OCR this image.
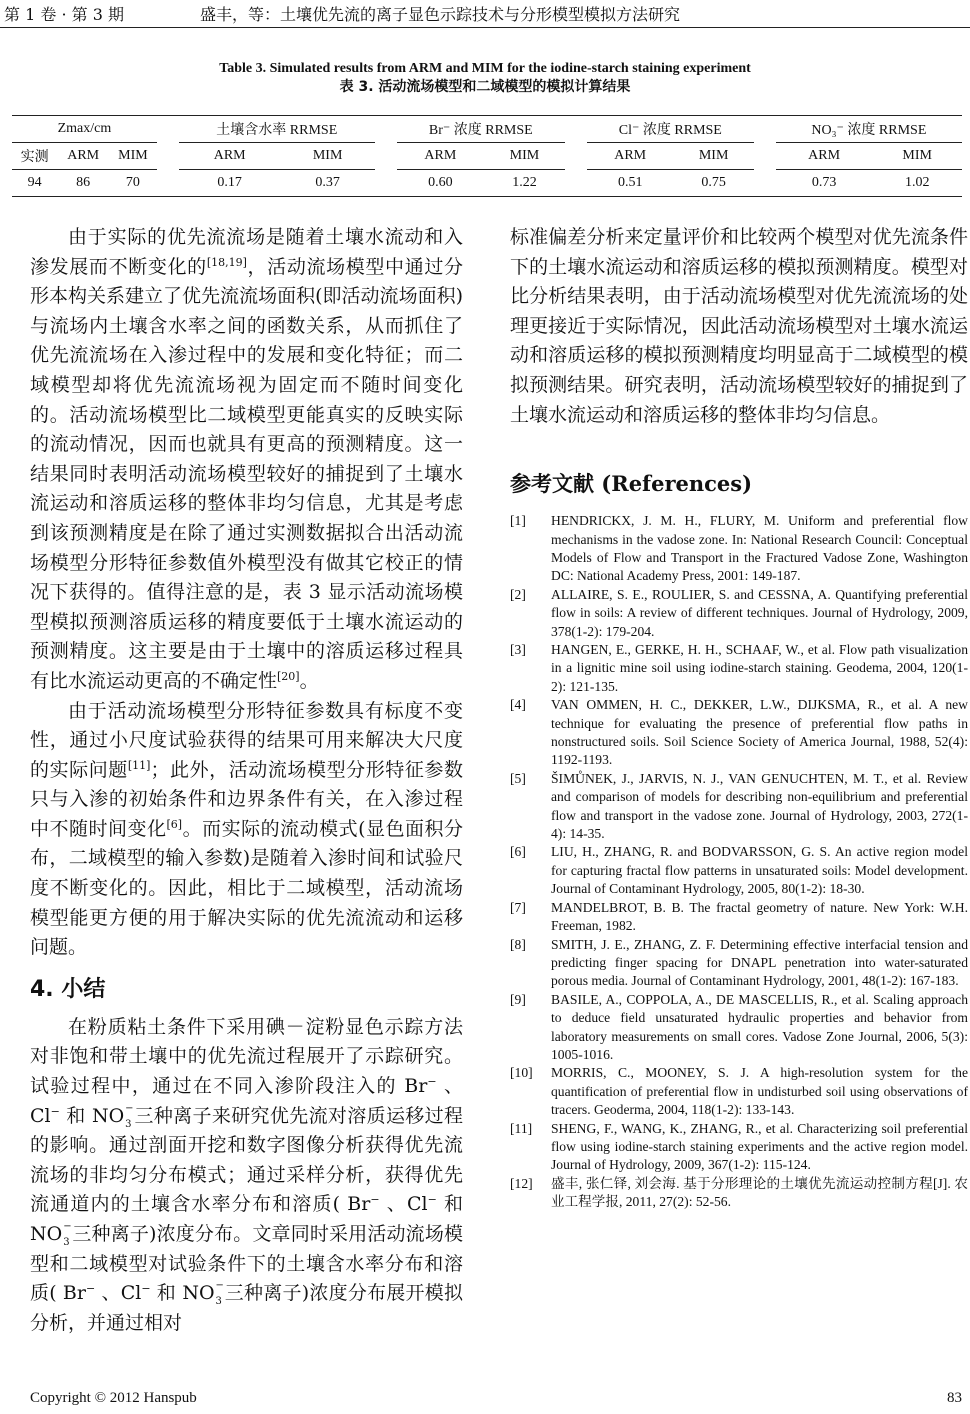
第 1 卷 · 第 3 期	盛丰，等：土壤优先流的离子显色示踪技术与分形模型模拟方法研究
Table 3. Simulated results from ARM and MIM for the iodine-starch staining experiment
表 3. 活动流场模型和二域模型的模拟计算结果
Zmax/cm				土壤含水率 RRMSE			Br⁻ 浓度 RRMSE			Cl⁻ 浓度 RRMSE			NO₃⁻ 浓度 RRMSE	
实测	ARM	MIM		ARM	MIM		ARM	MIM		ARM	MIM		ARM	MIM
94	86	70		0.17	0.37		0.60	1.22		0.51	0.75		0.73	1.02

由于实际的优先流流场是随着土壤水流动和入渗发展而不断变化的[18,19]，活动流场模型中通过分形本构关系建立了优先流流场面积(即活动流场面积)与流场内土壤含水率之间的函数关系，从而抓住了优先流流场在入渗过程中的发展和变化特征；而二域模型却将优先流流场视为固定而不随时间变化的。活动流场模型比二域模型更能真实的反映实际的流动情况，因而也就具有更高的预测精度。这一结果同时表明活动流场模型较好的捕捉到了土壤水流运动和溶质运移的整体非均匀信息，尤其是考虑到该预测精度是在除了通过实测数据拟合出活动流场模型分形特征参数值外模型没有做其它校正的情况下获得的。值得注意的是，表 3 显示活动流场模型模拟预测溶质运移的精度要低于土壤水流运动的预测精度。这主要是由于土壤中的溶质运移过程具有比水流运动更高的不确定性[20]。

由于活动流场模型分形特征参数具有标度不变性，通过小尺度试验获得的结果可用来解决大尺度的实际问题[11]；此外，活动流场模型分形特征参数只与入渗的初始条件和边界条件有关，在入渗过程中不随时间变化[6]。而实际的流动模式(显色面积分布，二域模型的输入参数)是随着入渗时间和试验尺度不断变化的。因此，相比于二域模型，活动流场模型能更方便的用于解决实际的优先流流动和运移问题。

4. 小结

在粉质粘土条件下采用碘－淀粉显色示踪方法对非饱和带土壤中的优先流过程展开了示踪研究。试验过程中，通过在不同入渗阶段注入的 Br− 、Cl− 和 NO −
3 三种离子来研究优先流对溶质运移过程的影响。通过剖面开挖和数字图像分析获得优先流流场的非均匀分布模式；通过采样分析，获得优先流通道内的土壤含水率分布和溶质( Br− 、Cl− 和 NO −
3 三种离子)浓度分布。文章同时采用活动流场模型和二域模型对试验条件下的土壤含水率分布和溶质( Br− 、Cl− 和 NO −
3 三种离子)浓度分布展开模拟分析，并通过相对

标准偏差分析来定量评价和比较两个模型对优先流条件下的土壤水流运动和溶质运移的模拟预测精度。模型对比分析结果表明，由于活动流场模型对优先流流场的处理更接近于实际情况，因此活动流场模型对土壤水流运动和溶质运移的模拟预测精度均明显高于二域模型的模拟预测结果。研究表明，活动流场模型较好的捕捉到了土壤水流运动和溶质运移的整体非均匀信息。

参考文献 (References)
[1]	HENDRICKX, J. M. H., FLURY, M. Uniform and preferential flow mechanisms in the vadose zone. In: National Research Council: Conceptual Models of Flow and Transport in the Fractured Vadose Zone, Washington DC: National Academy Press, 2001: 149-187.
[2]	ALLAIRE, S. E., ROULIER, S. and CESSNA, A. Quantifying preferential flow in soils: A review of different techniques. Journal of Hydrology, 2009, 378(1-2): 179-204.
[3]	HANGEN, E., GERKE, H. H., SCHAAF, W., et al. Flow path visualization in a lignitic mine soil using iodine-starch staining. Geodema, 2004, 120(1-2): 121-135.
[4]	VAN OMMEN, H. C., DEKKER, L.W., DIJKSMA, R., et al. A new technique for evaluating the presence of preferential flow paths in nonstructured soils. Soil Science Society of America Journal, 1988, 52(4): 1192-1193.
[5]	ŠIMŮNEK, J., JARVIS, N. J., VAN GENUCHTEN, M. T., et al. Review and comparison of models for describing non-equilibrium and preferential flow and transport in the vadose zone. Journal of Hydrology, 2003, 272(1-4): 14-35.
[6]	LIU, H., ZHANG, R. and BODVARSSON, G. S. An active region model for capturing fractal flow patterns in unsaturated soils: Model development. Journal of Contaminant Hydrology, 2005, 80(1-2): 18-30.
[7]	MANDELBROT, B. B. The fractal geometry of nature. New York: W.H. Freeman, 1982.
[8]	SMITH, J. E., ZHANG, Z. F. Determining effective interfacial tension and predicting finger spacing for DNAPL penetration into water-saturated porous media. Journal of Contaminant Hydrology, 2001, 48(1-2): 167-183.
[9]	BASILE, A., COPPOLA, A., DE MASCELLIS, R., et al. Scaling approach to deduce field unsaturated hydraulic properties and behavior from laboratory measurements on small cores. Vadose Zone Journal, 2006, 5(3): 1005-1016.
[10]	MORRIS, C., MOONEY, S. J. A high-resolution system for the quantification of preferential flow in undisturbed soil using observations of tracers. Geoderma, 2004, 118(1-2): 133-143.
[11]	SHENG, F., WANG, K., ZHANG, R., et al. Characterizing soil preferential flow using iodine-starch staining experiments and the active region model. Journal of Hydrology, 2009, 367(1-2): 115-124.
[12]	盛丰, 张仁铎, 刘会海. 基于分形理论的土壤优先流运动控制方程[J]. 农业工程学报, 2011, 27(2): 52-56.
Copyright © 2012 Hanspub	83
